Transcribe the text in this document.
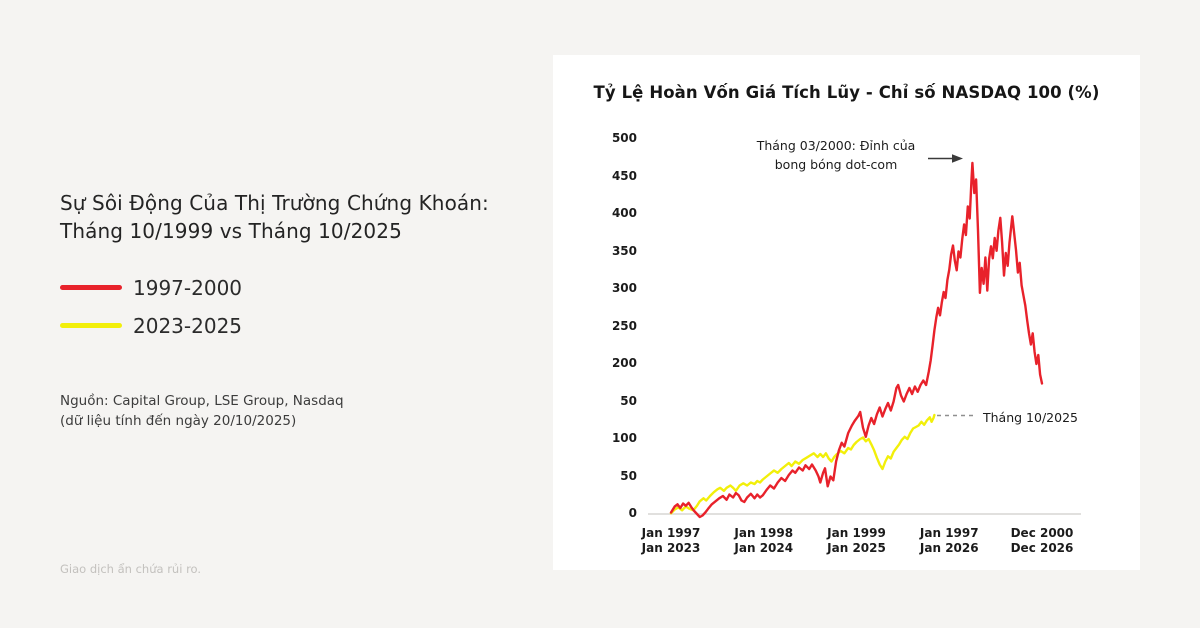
Sự Sôi Động Của Thị Trường Chứng Khoán:
Tháng 10/1999 vs Tháng 10/2025
1997-2000
2023-2025
Nguồn: Capital Group, LSE Group, Nasdaq
(dữ liệu tính đến ngày 20/10/2025)
Giao dịch ẩn chứa rủi ro.
Tỷ Lệ Hoàn Vốn Giá Tích Lũy - Chỉ số NASDAQ 100 (%)
0
50
100
50
200
250
300
350
400
450
500
Jan 1997
Jan 2023
Jan 1998
Jan 2024
Jan 1999
Jan 2025
Jan 1997
Jan 2026
Dec 2000
Dec 2026
Tháng 03/2000: Đỉnh của
bong bóng dot-com
Tháng 10/2025
